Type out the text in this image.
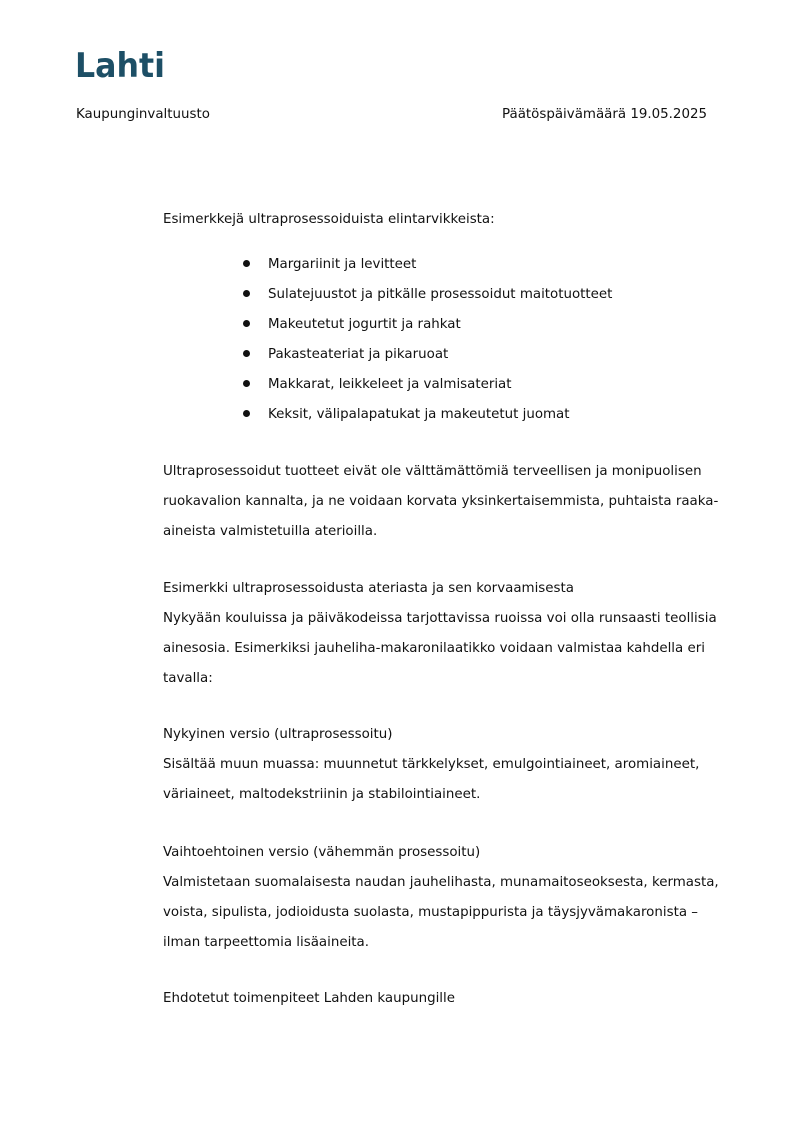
Lahti
Kaupunginvaltuusto	Päätöspäivämäärä 19.05.2025
Esimerkkejä ultraprosessoiduista elintarvikkeista:
Margariinit ja levitteet
Sulatejuustot ja pitkälle prosessoidut maitotuotteet
Makeutetut jogurtit ja rahkat
Pakasteateriat ja pikaruoat
Makkarat, leikkeleet ja valmisateriat
Keksit, välipalapatukat ja makeutetut juomat
Ultraprosessoidut tuotteet eivät ole välttämättömiä terveellisen ja monipuolisen
ruokavalion kannalta, ja ne voidaan korvata yksinkertaisemmista, puhtaista raaka-
aineista valmistetuilla aterioilla.
Esimerkki ultraprosessoidusta ateriasta ja sen korvaamisesta
Nykyään kouluissa ja päiväkodeissa tarjottavissa ruoissa voi olla runsaasti teollisia
ainesosia. Esimerkiksi jauheliha-makaronilaatikko voidaan valmistaa kahdella eri
tavalla:
Nykyinen versio (ultraprosessoitu)
Sisältää muun muassa: muunnetut tärkkelykset, emulgointiaineet, aromiaineet,
väriaineet, maltodekstriinin ja stabilointiaineet.
Vaihtoehtoinen versio (vähemmän prosessoitu)
Valmistetaan suomalaisesta naudan jauhelihasta, munamaitoseoksesta, kermasta,
voista, sipulista, jodioidusta suolasta, mustapippurista ja täysjyvämakaronista –
ilman tarpeettomia lisäaineita.
Ehdotetut toimenpiteet Lahden kaupungille
